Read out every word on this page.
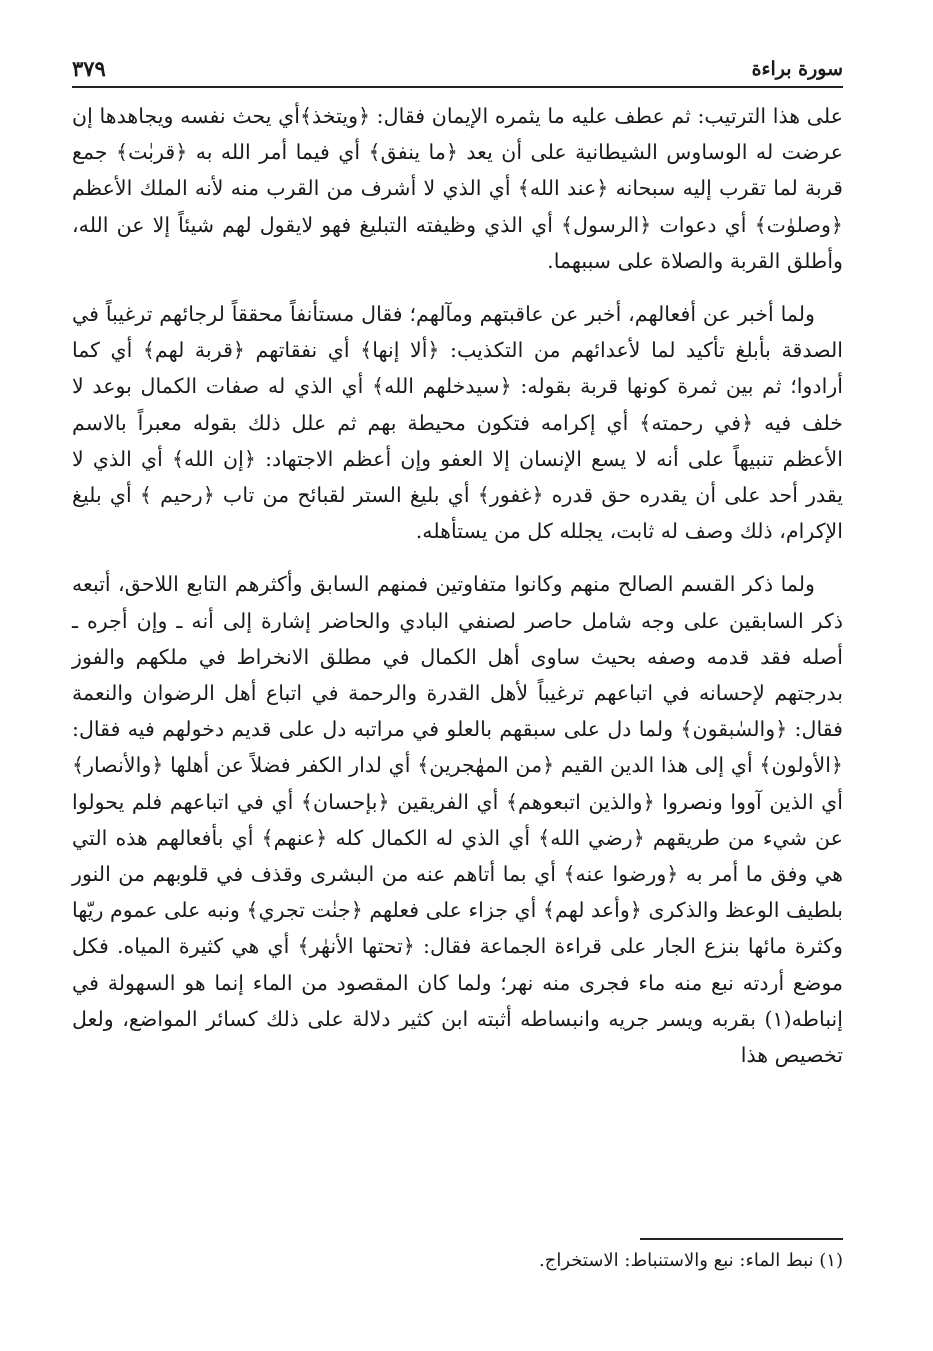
سورة براءة
٣٧٩

على هذا الترتيب: ثم عطف عليه ما يثمره الإيمان فقال: ﴿ويتخذ﴾أي يحث نفسه ويجاهدها إن عرضت له الوساوس الشيطانية على أن يعد ﴿ما ينفق﴾ أي فيما أمر الله به ﴿قربٰت﴾ جمع قربة لما تقرب إليه سبحانه ﴿عند الله﴾ أي الذي لا أشرف من القرب منه لأنه الملك الأعظم ﴿وصلوٰت﴾ أي دعوات ﴿الرسول﴾ أي الذي وظيفته التبليغ فهو لايقول لهم شيئاً إلا عن الله، وأطلق القربة والصلاة على سببهما.

ولما أخبر عن أفعالهم، أخبر عن عاقبتهم ومآلهم؛ فقال مستأنفاً محققاً لرجائهم ترغيباً في الصدقة بأبلغ تأكيد لما لأعدائهم من التكذيب: ﴿ألا إنها﴾ أي نفقاتهم ﴿قربة لهم﴾ أي كما أرادوا؛ ثم بين ثمرة كونها قربة بقوله: ﴿سيدخلهم الله﴾ أي الذي له صفات الكمال بوعد لا خلف فيه ﴿في رحمته﴾ أي إكرامه فتكون محيطة بهم ثم علل ذلك بقوله معبراً بالاسم الأعظم تنبيهاً على أنه لا يسع الإنسان إلا العفو وإن أعظم الاجتهاد: ﴿إن الله﴾ أي الذي لا يقدر أحد على أن يقدره حق قدره ﴿غفور﴾ أي بليغ الستر لقبائح من تاب ﴿رحيم ﴾ أي بليغ الإكرام، ذلك وصف له ثابت، يجلله كل من يستأهله.

ولما ذكر القسم الصالح منهم وكانوا متفاوتين فمنهم السابق وأكثرهم التابع اللاحق، أتبعه ذكر السابقين على وجه شامل حاصر لصنفي البادي والحاضر إشارة إلى أنه ـ وإن أجره ـ أصله فقد قدمه وصفه بحيث ساوى أهل الكمال في مطلق الانخراط في ملكهم والفوز بدرجتهم لإحسانه في اتباعهم ترغيباً لأهل القدرة والرحمة في اتباع أهل الرضوان والنعمة فقال: ﴿والسٰبقون﴾ ولما دل على سبقهم بالعلو في مراتبه دل على قديم دخولهم فيه فقال: ﴿الأولون﴾ أي إلى هذا الدين القيم ﴿من المهٰجرين﴾ أي لدار الكفر فضلاً عن أهلها ﴿والأنصار﴾ أي الذين آووا ونصروا ﴿والذين اتبعوهم﴾ أي الفريقين ﴿بإحسان﴾ أي في اتباعهم فلم يحولوا عن شيء من طريقهم ﴿رضي الله﴾ أي الذي له الكمال كله ﴿عنهم﴾ أي بأفعالهم هذه التي هي وفق ما أمر به ﴿ورضوا عنه﴾ أي بما أتاهم عنه من البشرى وقذف في قلوبهم من النور بلطيف الوعظ والذكرى ﴿وأعد لهم﴾ أي جزاء على فعلهم ﴿جنٰت تجري﴾ ونبه على عموم ريّها وكثرة مائها بنزع الجار على قراءة الجماعة فقال: ﴿تحتها الأنهٰر﴾ أي هي كثيرة المياه. فكل موضع أردته نبع منه ماء فجرى منه نهر؛ ولما كان المقصود من الماء إنما هو السهولة في إنباطه(١) بقربه ويسر جريه وانبساطه أثبته ابن كثير دلالة على ذلك كسائر المواضع، ولعل تخصيص هذا

(١) نبط الماء: نبع والاستنباط: الاستخراج.
